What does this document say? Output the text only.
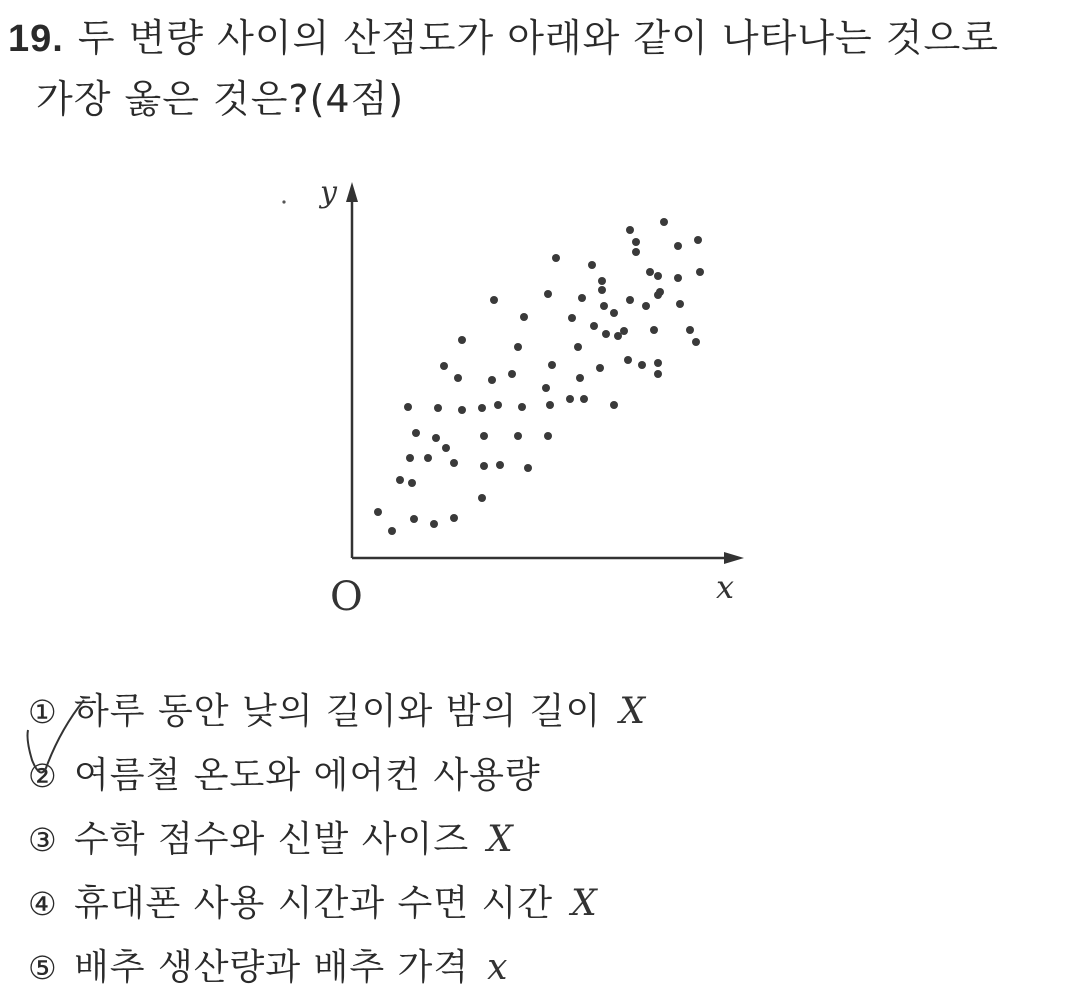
19. 두 변량 사이의 산점도가 아래와 같이 나타나는 것으로
가장 옳은 것은?(4점)
y
x
O
① 하루 동안 낮의 길이와 밤의 길이 X
② 여름철 온도와 에어컨 사용량
③ 수학 점수와 신발 사이즈 X
④ 휴대폰 사용 시간과 수면 시간 X
⑤ 배추 생산량과 배추 가격 x
